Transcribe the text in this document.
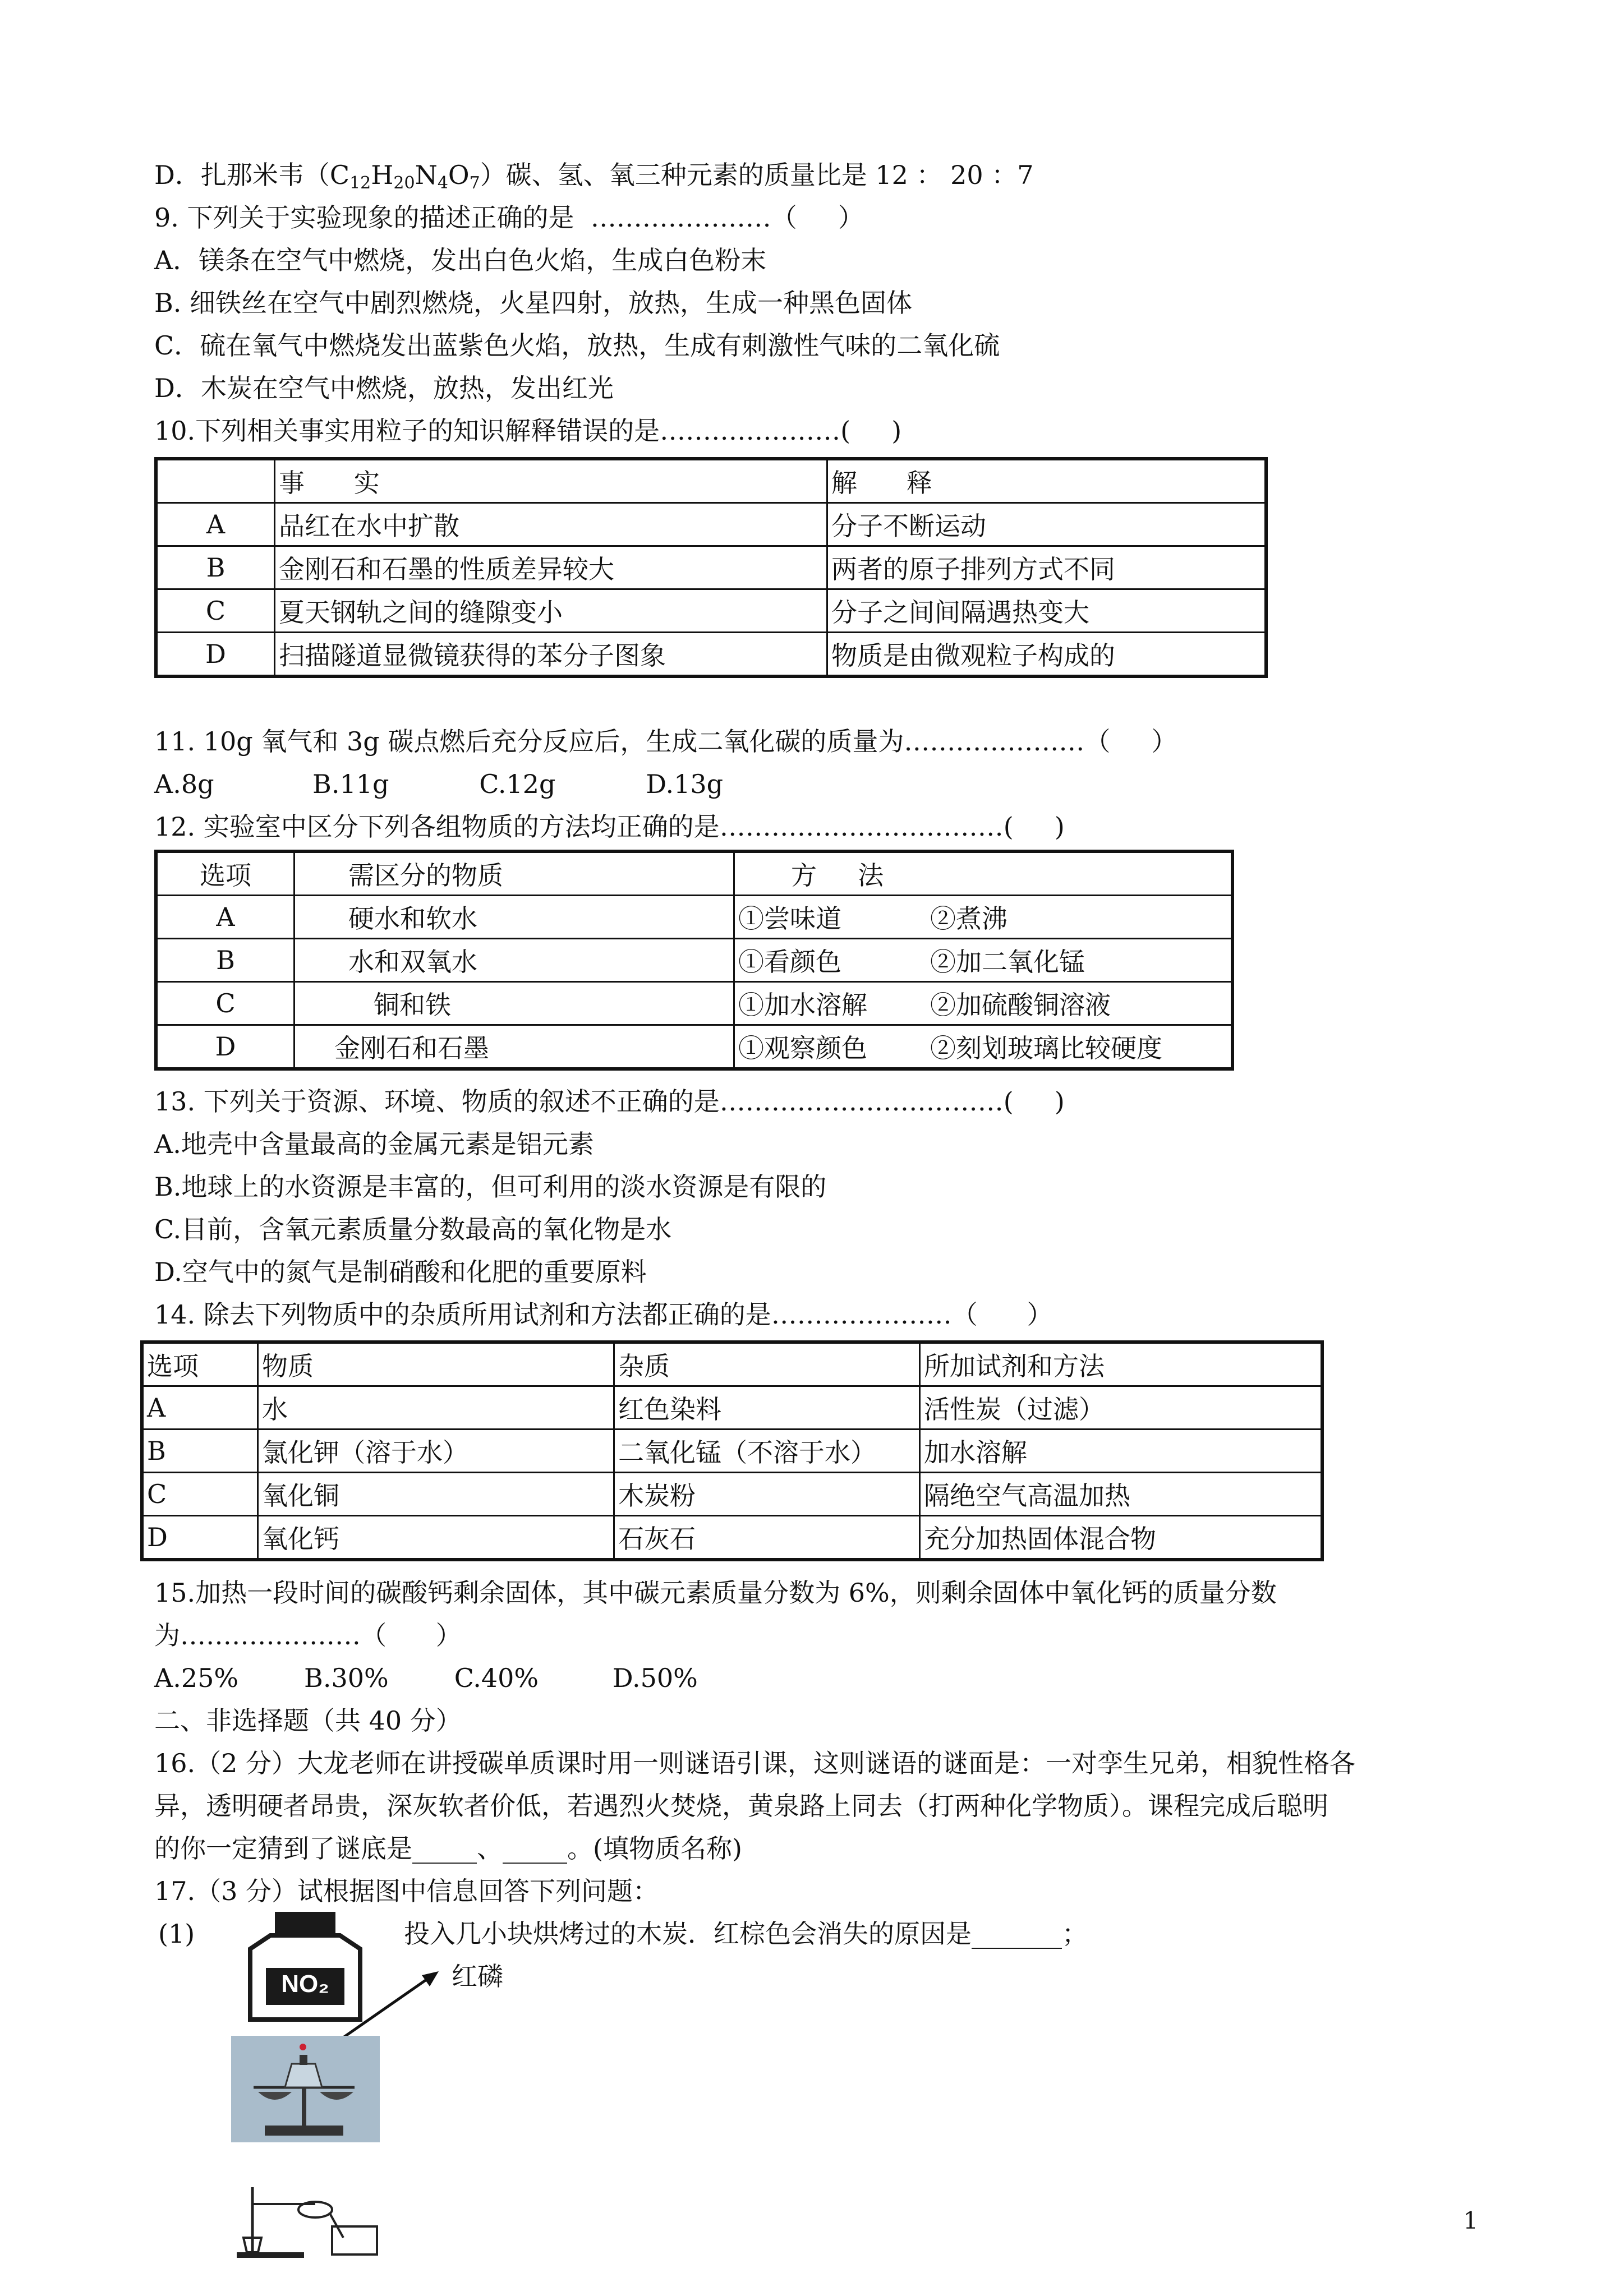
D．扎那米韦$(C_{12}H_{20}N_4O_7)$碳、氢、氧三种元素的质量比是 12 ： 20 ：7
9. 下列关于实验现象的描述正确的是  …………………（     ）
A．镁条在空气中燃烧，发出白色火焰，生成白色粉末
B. 细铁丝在空气中剧烈燃烧，火星四射，放热，生成一种黑色固体
C．硫在氧气中燃烧发出蓝紫色火焰，放热，生成有刺激性气味的二氧化硫
D．木炭在空气中燃烧，放热，发出红光
10.下列相关事实用粒子的知识解释错误的是…………………(     )
	事      实	解      释
A	品红在水中扩散	分子不断运动
B	金刚石和石墨的性质差异较大	两者的原子排列方式不同
C	夏天钢轨之间的缝隙变小	分子之间间隔遇热变大
D	扫描隧道显微镜获得的苯分子图象	物质是由微观粒子构成的
11. 10g 氧气和 3g 碳点燃后充分反应后，生成二氧化碳的质量为…………………（     ）
A.8g            B.11g           C.12g           D.13g
12. 实验室中区分下列各组物质的方法均正确的是……………………………(     )
选项	需区分的物质	方     法	
A	硬水和软水	①尝味道	②煮沸
B	水和双氧水	①看颜色	②加二氧化锰
C	铜和铁	①加水溶解	②加硫酸铜溶液
D	金刚石和石墨	①观察颜色	②刻划玻璃比较硬度
13. 下列关于资源、环境、物质的叙述不正确的是……………………………(     )
A.地壳中含量最高的金属元素是铝元素
B.地球上的水资源是丰富的，但可利用的淡水资源是有限的
C.目前，含氧元素质量分数最高的氧化物是水
D.空气中的氮气是制硝酸和化肥的重要原料
14. 除去下列物质中的杂质所用试剂和方法都正确的是…………………（      ）
选项	物质	杂质	所加试剂和方法
A	水	红色染料	活性炭（过滤）
B	氯化钾（溶于水）	二氧化锰（不溶于水）	加水溶解
C	氧化铜	木炭粉	隔绝空气高温加热
D	氧化钙	石灰石	充分加热固体混合物
15.加热一段时间的碳酸钙剩余固体，其中碳元素质量分数为 6%，则剩余固体中氧化钙的质量分数
为…………………（      ）
A.25%        B.30%        C.40%         D.50%
二、非选择题（共 40 分）
16.（2 分）大龙老师在讲授碳单质课时用一则谜语引课，这则谜语的谜面是：一对孪生兄弟，相貌性格各
异，透明硬者昂贵，深灰软者价低，若遇烈火焚烧，黄泉路上同去（打两种化学物质）。课程完成后聪明
的你一定猜到了谜底是_____、_____。(填物质名称)
17.（3 分）试根据图中信息回答下列问题：
(1)	投入几小块烘烤过的木炭．红棕色会消失的原因是_______；
红磷
NO₂
1
